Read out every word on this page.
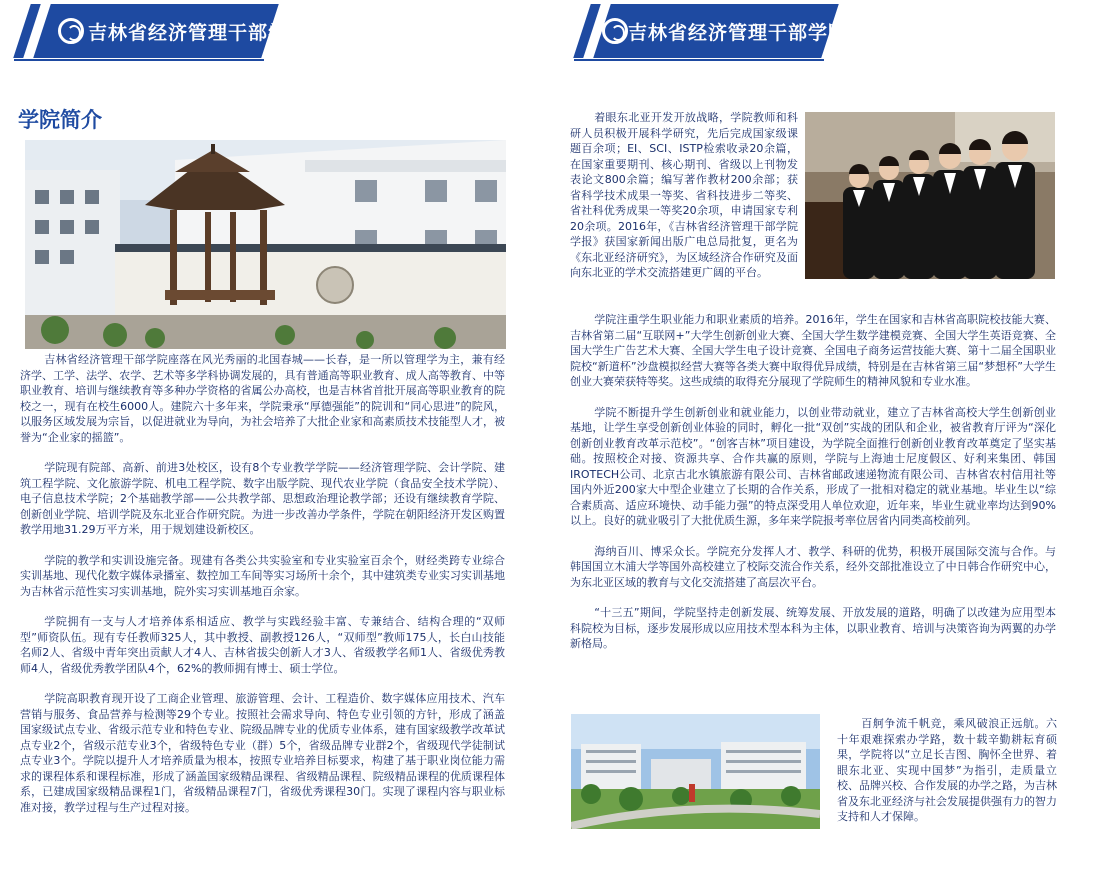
吉林省经济管理干部学院	吉林省经济管理干部学院
学院简介

吉林省经济管理干部学院座落在风光秀丽的北国春城——长春，是一所以管理学为主，兼有经济学、工学、法学、农学、艺术等多学科协调发展的，具有普通高等职业教育、成人高等教育、中等职业教育、培训与继续教育等多种办学资格的省属公办高校，也是吉林省首批开展高等职业教育的院校之一，现有在校生6000人。建院六十多年来，学院秉承“厚德强能”的院训和“同心思进”的院风，以服务区域发展为宗旨，以促进就业为导向，为社会培养了大批企业家和高素质技术技能型人才，被誉为“企业家的摇篮”。

学院现有院部、高新、前进3处校区，设有8个专业教学学院——经济管理学院、会计学院、建筑工程学院、文化旅游学院、机电工程学院、数字出版学院、现代农业学院（食品安全技术学院）、电子信息技术学院；2个基础教学部——公共教学部、思想政治理论教学部；还设有继续教育学院、创新创业学院、培训学院及东北亚合作研究院。为进一步改善办学条件，学院在朝阳经济开发区购置教学用地31.29万平方米，用于规划建设新校区。

学院的教学和实训设施完备。现建有各类公共实验室和专业实验室百余个，财经类跨专业综合实训基地、现代化数字媒体录播室、数控加工车间等实习场所十余个，其中建筑类专业实习实训基地为吉林省示范性实习实训基地，院外实习实训基地百余家。

学院拥有一支与人才培养体系相适应、教学与实践经验丰富、专兼结合、结构合理的“双师型”师资队伍。现有专任教师325人，其中教授、副教授126人，“双师型”教师175人，长白山技能名师2人、省级中青年突出贡献人才4人、吉林省拔尖创新人才3人、省级教学名师1人、省级优秀教师4人，省级优秀教学团队4个，62%的教师拥有博士、硕士学位。

学院高职教育现开设了工商企业管理、旅游管理、会计、工程造价、数字媒体应用技术、汽车营销与服务、食品营养与检测等29个专业。按照社会需求导向、特色专业引领的方针，形成了涵盖国家级试点专业、省级示范专业和特色专业、院级品牌专业的优质专业体系，建有国家级教学改革试点专业2个，省级示范专业3个，省级特色专业（群）5个，省级品牌专业群2个，省级现代学徒制试点专业3个。学院以提升人才培养质量为根本，按照专业培养目标要求，构建了基于职业岗位能力需求的课程体系和课程标准，形成了涵盖国家级精品课程、省级精品课程、院级精品课程的优质课程体系，已建成国家级精品课程1门，省级精品课程7门，省级优秀课程30门。实现了课程内容与职业标准对接，教学过程与生产过程对接。

着眼东北亚开发开放战略，学院教师和科研人员积极开展科学研究，先后完成国家级课题百余项；EI、SCI、ISTP检索收录20余篇，在国家重要期刊、核心期刊、省级以上刊物发表论文800余篇；编写著作教材200余部；获省科学技术成果一等奖、省科技进步二等奖、省社科优秀成果一等奖20余项，申请国家专利20余项。2016年，《吉林省经济管理干部学院学报》获国家新闻出版广电总局批复，更名为《东北亚经济研究》，为区域经济合作研究及面向东北亚的学术交流搭建更广阔的平台。

学院注重学生职业能力和职业素质的培养。2016年，学生在国家和吉林省高职院校技能大赛、吉林省第二届“互联网+”大学生创新创业大赛、全国大学生数学建模竞赛、全国大学生英语竞赛、全国大学生广告艺术大赛、全国大学生电子设计竞赛、全国电子商务运营技能大赛、第十二届全国职业院校“新道杯”沙盘模拟经营大赛等各类大赛中取得优异成绩，特别是在吉林省第三届“梦想杯”大学生创业大赛荣获特等奖。这些成绩的取得充分展现了学院师生的精神风貌和专业水准。

学院不断提升学生创新创业和就业能力，以创业带动就业，建立了吉林省高校大学生创新创业基地，让学生享受创新创业体验的同时，孵化一批“双创”实战的团队和企业，被省教育厅评为“深化创新创业教育改革示范校”。“创客吉林”项目建设，为学院全面推行创新创业教育改革奠定了坚实基础。按照校企对接、资源共享、合作共赢的原则，学院与上海迪士尼度假区、好利来集团、韩国IROTECH公司、北京古北水镇旅游有限公司、吉林省邮政速递物流有限公司、吉林省农村信用社等国内外近200家大中型企业建立了长期的合作关系，形成了一批相对稳定的就业基地。毕业生以“综合素质高、适应环境快、动手能力强”的特点深受用人单位欢迎，近年来，毕业生就业率均达到90%以上。良好的就业吸引了大批优质生源，多年来学院报考率位居省内同类高校前列。

海纳百川、博采众长。学院充分发挥人才、教学、科研的优势，积极开展国际交流与合作。与韩国国立木浦大学等国外高校建立了校际交流合作关系，经外交部批准设立了中日韩合作研究中心，为东北亚区域的教育与文化交流搭建了高层次平台。

“十三五”期间，学院坚持走创新发展、统筹发展、开放发展的道路，明确了以改建为应用型本科院校为目标，逐步发展形成以应用技术型本科为主体，以职业教育、培训与决策咨询为两翼的办学新格局。

百舸争流千帆竞，乘风破浪正远航。六十年艰难探索办学路，数十载辛勤耕耘育硕果，学院将以“立足长吉图、胸怀全世界、着眼东北亚、实现中国梦”为指引，走质量立校、品牌兴校、合作发展的办学之路，为吉林省及东北亚经济与社会发展提供强有力的智力支持和人才保障。
